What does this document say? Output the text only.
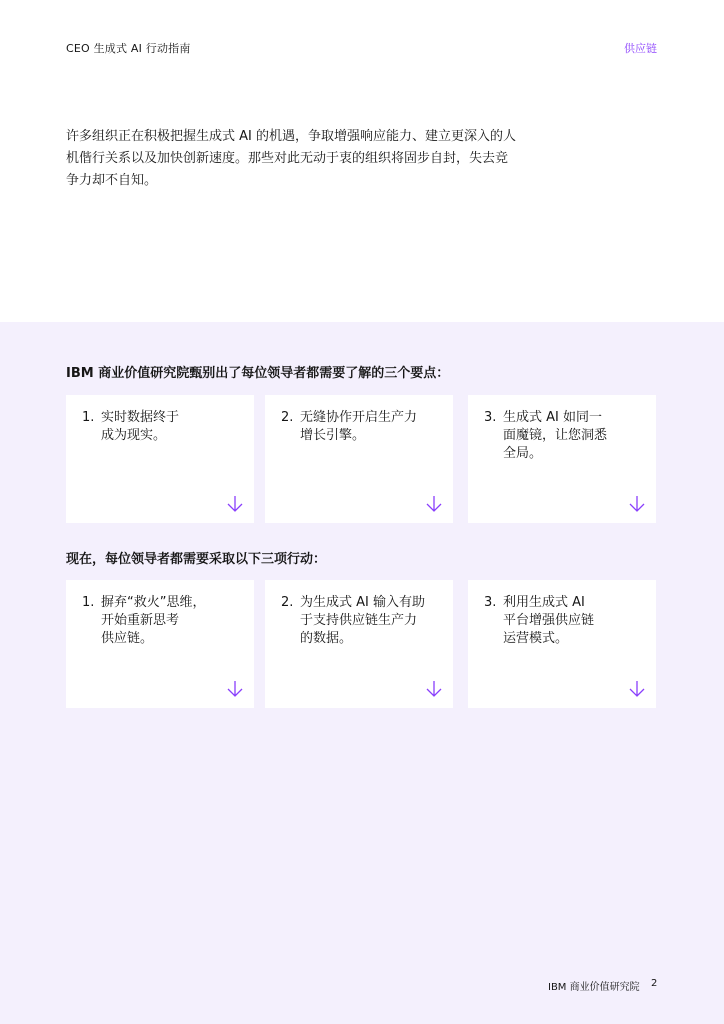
CEO 生成式 AI 行动指南	供应链
许多组织正在积极把握生成式 AI 的机遇，争取增强响应能力、建立更深入的人机偕行关系以及加快创新速度。那些对此无动于衷的组织将固步自封，失去竞争力却不自知。
IBM 商业价值研究院甄别出了每位领导者都需要了解的三个要点：
1. 实时数据终于
成为现实。
2. 无缝协作开启生产力
增长引擎。
3. 生成式 AI 如同一
面魔镜，让您洞悉
全局。
现在，每位领导者都需要采取以下三项行动：
1. 摒弃“救火”思维，
开始重新思考
供应链。
2. 为生成式 AI 输入有助
于支持供应链生产力
的数据。
3. 利用生成式 AI
平台增强供应链
运营模式。
IBM 商业价值研究院 2
